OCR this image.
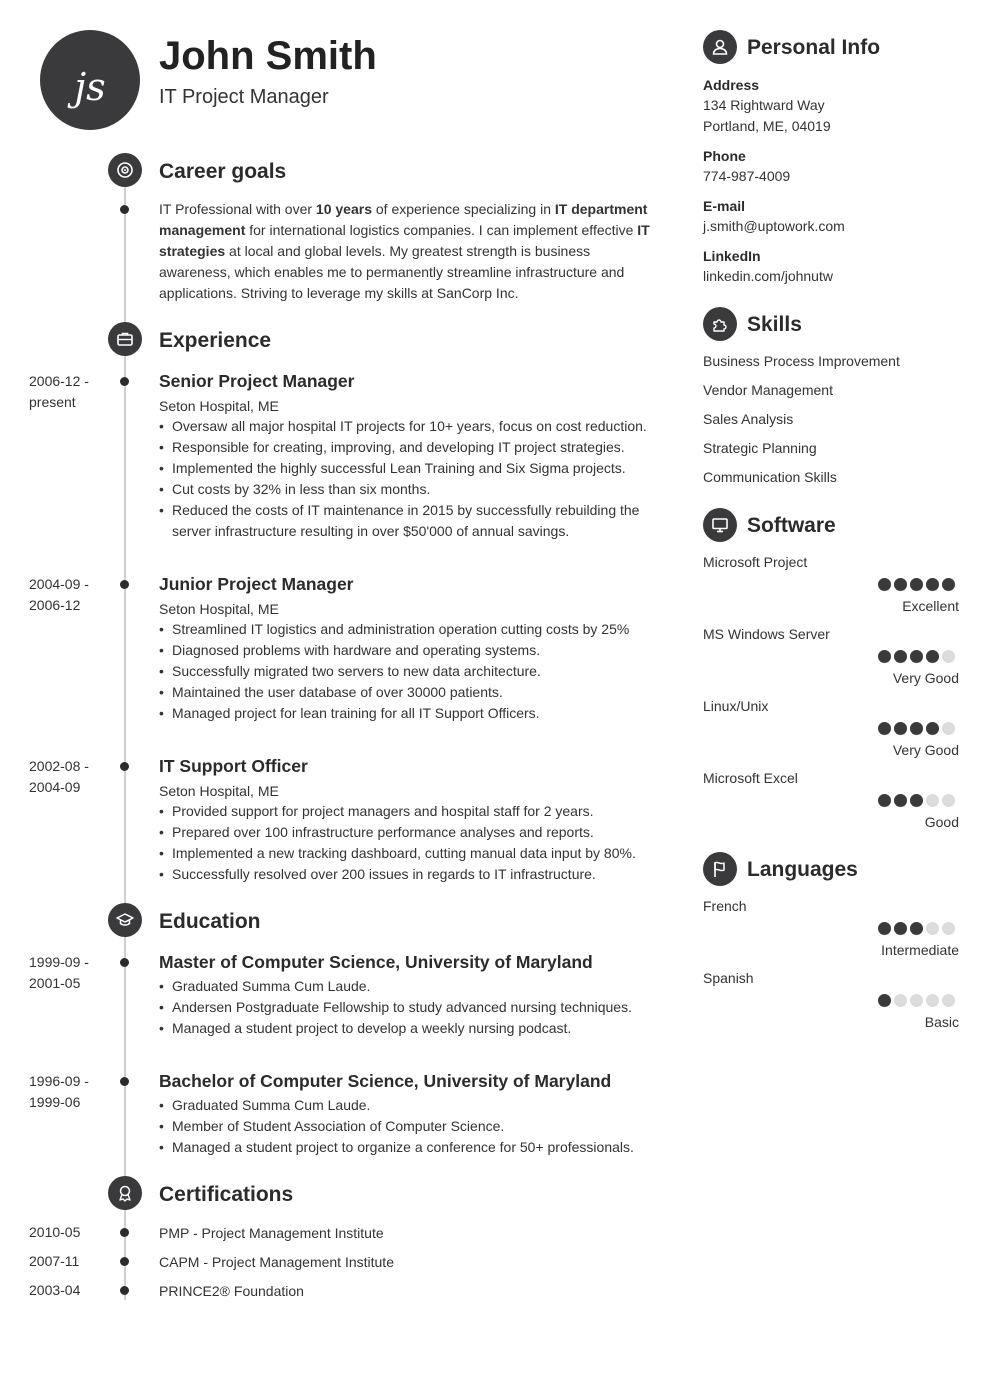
js
John Smith
IT Project Manager
Career goals
IT Professional with over 10 years of experience specializing in IT department management for international logistics companies. I can implement effective IT strategies at local and global levels. My greatest strength is business awareness, which enables me to permanently streamline infrastructure and applications. Striving to leverage my skills at SanCorp Inc.
Experience
2006-12 -
present
Senior Project Manager
Seton Hospital, ME
• Oversaw all major hospital IT projects for 10+ years, focus on cost reduction.
• Responsible for creating, improving, and developing IT project strategies.
• Implemented the highly successful Lean Training and Six Sigma projects.
• Cut costs by 32% in less than six months.
• Reduced the costs of IT maintenance in 2015 by successfully rebuilding the server infrastructure resulting in over $50'000 of annual savings.
2004-09 -
2006-12
Junior Project Manager
Seton Hospital, ME
• Streamlined IT logistics and administration operation cutting costs by 25%
• Diagnosed problems with hardware and operating systems.
• Successfully migrated two servers to new data architecture.
• Maintained the user database of over 30000 patients.
• Managed project for lean training for all IT Support Officers.
2002-08 -
2004-09
IT Support Officer
Seton Hospital, ME
• Provided support for project managers and hospital staff for 2 years.
• Prepared over 100 infrastructure performance analyses and reports.
• Implemented a new tracking dashboard, cutting manual data input by 80%.
• Successfully resolved over 200 issues in regards to IT infrastructure.
Education
1999-09 -
2001-05
Master of Computer Science, University of Maryland
• Graduated Summa Cum Laude.
• Andersen Postgraduate Fellowship to study advanced nursing techniques.
• Managed a student project to develop a weekly nursing podcast.
1996-09 -
1999-06
Bachelor of Computer Science, University of Maryland
• Graduated Summa Cum Laude.
• Member of Student Association of Computer Science.
• Managed a student project to organize a conference for 50+ professionals.
Certifications
2010-05	PMP - Project Management Institute
2007-11	CAPM - Project Management Institute
2003-04	PRINCE2® Foundation
Personal Info
Address
134 Rightward Way
Portland, ME, 04019
Phone
774-987-4009
E-mail
j.smith@uptowork.com
LinkedIn
linkedin.com/johnutw
Skills
Business Process Improvement
Vendor Management
Sales Analysis
Strategic Planning
Communication Skills
Software
Microsoft Project
Excellent
MS Windows Server
Very Good
Linux/Unix
Very Good
Microsoft Excel
Good
Languages
French
Intermediate
Spanish
Basic
